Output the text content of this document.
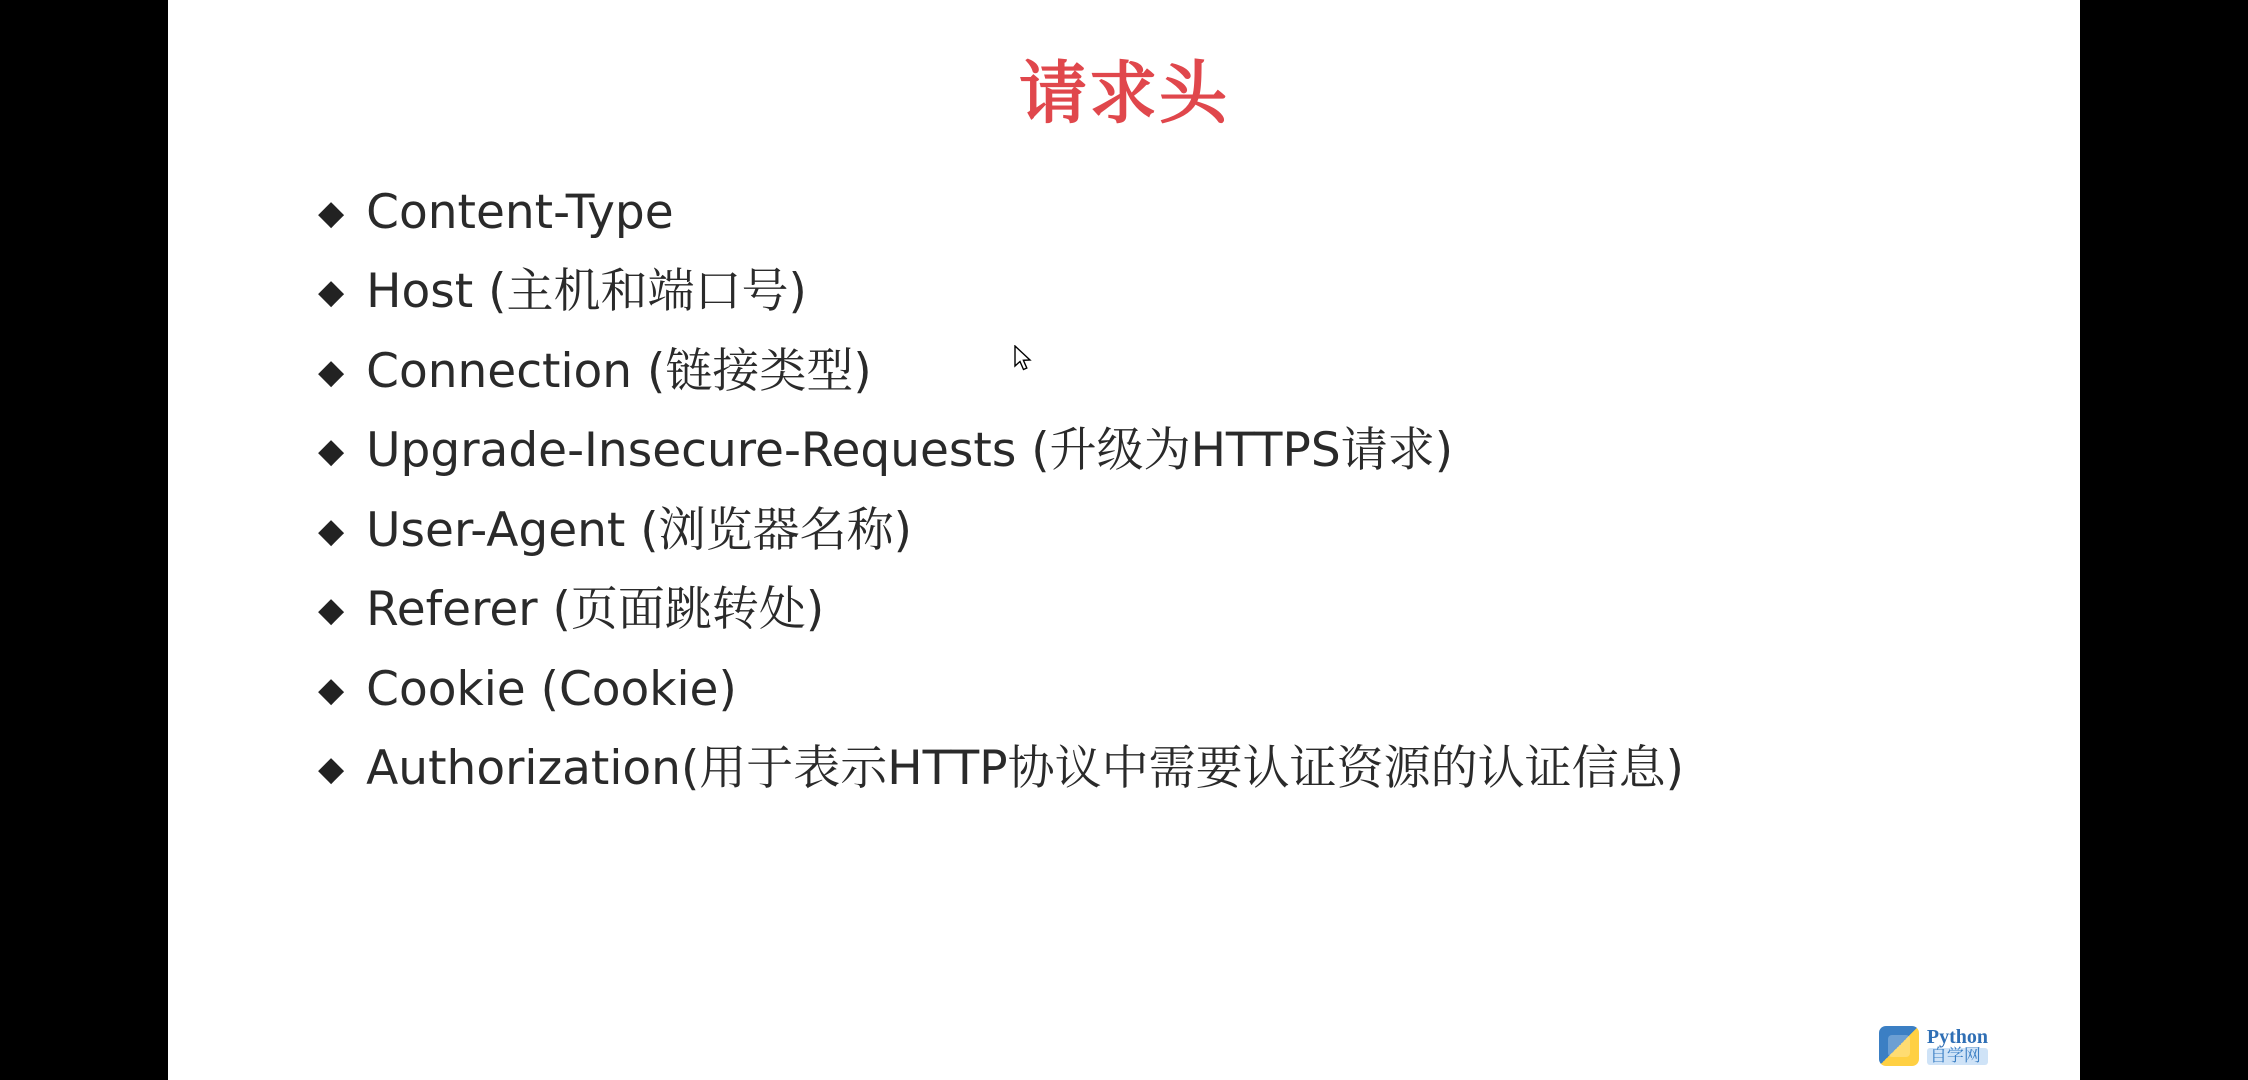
请求头
◆ Content-Type
◆ Host (主机和端口号)
◆ Connection (链接类型)
◆ Upgrade-Insecure-Requests (升级为HTTPS请求)
◆ User-Agent (浏览器名称)
◆ Referer (页面跳转处)
◆ Cookie (Cookie)
◆ Authorization(用于表示HTTP协议中需要认证资源的认证信息)
Python
自学网
